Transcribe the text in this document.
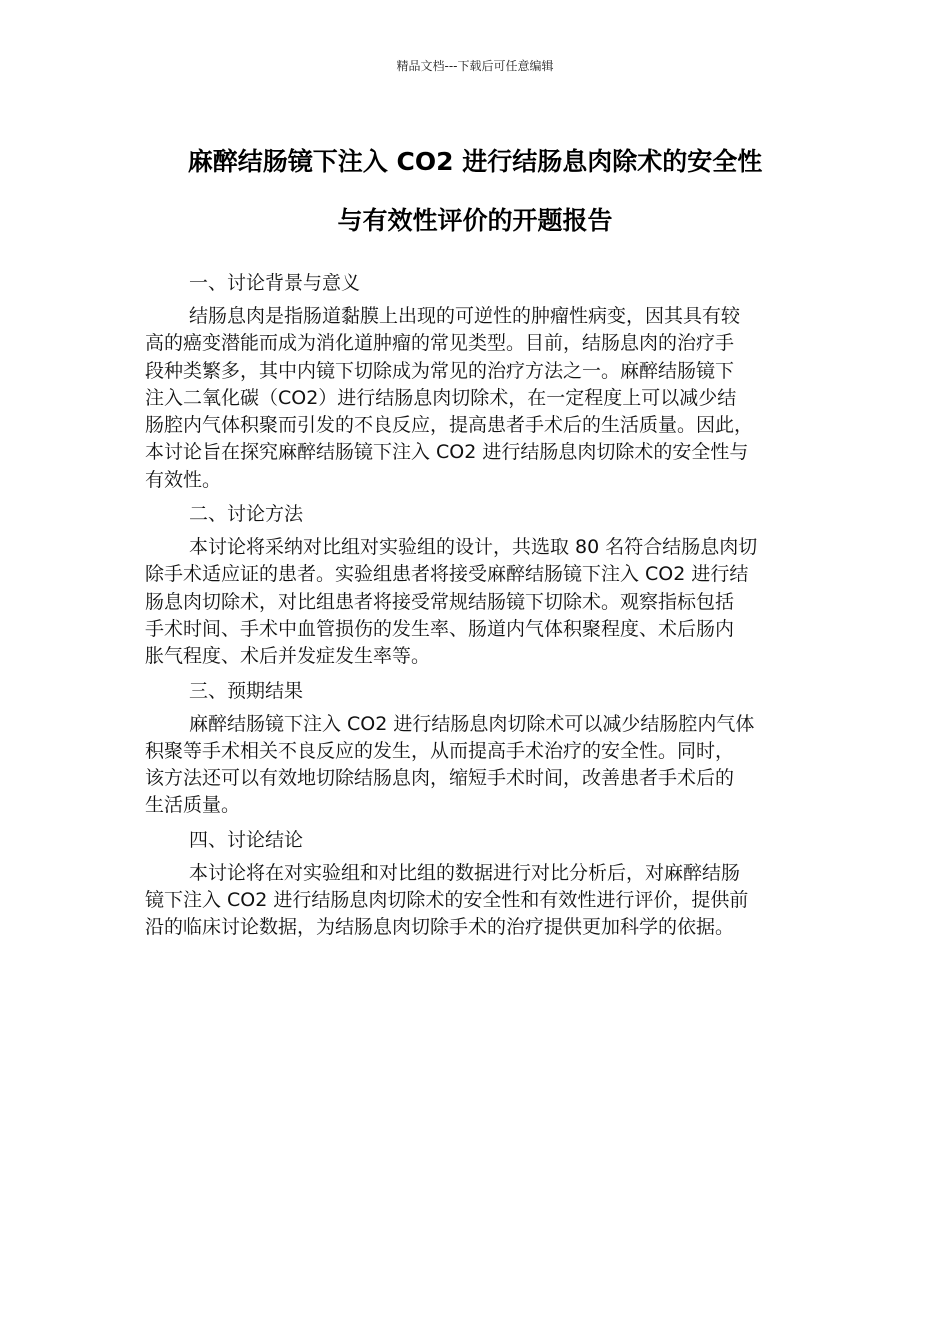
精品文档---下载后可任意编辑
麻醉结肠镜下注入 CO2 进行结肠息肉除术的安全性
与有效性评价的开题报告
一、讨论背景与意义
结肠息肉是指肠道黏膜上出现的可逆性的肿瘤性病变，因其具有较
高的癌变潜能而成为消化道肿瘤的常见类型。目前，结肠息肉的治疗手
段种类繁多，其中内镜下切除成为常见的治疗方法之一。麻醉结肠镜下
注入二氧化碳（CO2）进行结肠息肉切除术，在一定程度上可以减少结
肠腔内气体积聚而引发的不良反应，提高患者手术后的生活质量。因此，
本讨论旨在探究麻醉结肠镜下注入 CO2 进行结肠息肉切除术的安全性与
有效性。
二、讨论方法
本讨论将采纳对比组对实验组的设计，共选取 80 名符合结肠息肉切
除手术适应证的患者。实验组患者将接受麻醉结肠镜下注入 CO2 进行结
肠息肉切除术，对比组患者将接受常规结肠镜下切除术。观察指标包括
手术时间、手术中血管损伤的发生率、肠道内气体积聚程度、术后肠内
胀气程度、术后并发症发生率等。
三、预期结果
麻醉结肠镜下注入 CO2 进行结肠息肉切除术可以减少结肠腔内气体
积聚等手术相关不良反应的发生，从而提高手术治疗的安全性。同时，
该方法还可以有效地切除结肠息肉，缩短手术时间，改善患者手术后的
生活质量。
四、讨论结论
本讨论将在对实验组和对比组的数据进行对比分析后，对麻醉结肠
镜下注入 CO2 进行结肠息肉切除术的安全性和有效性进行评价，提供前
沿的临床讨论数据，为结肠息肉切除手术的治疗提供更加科学的依据。
